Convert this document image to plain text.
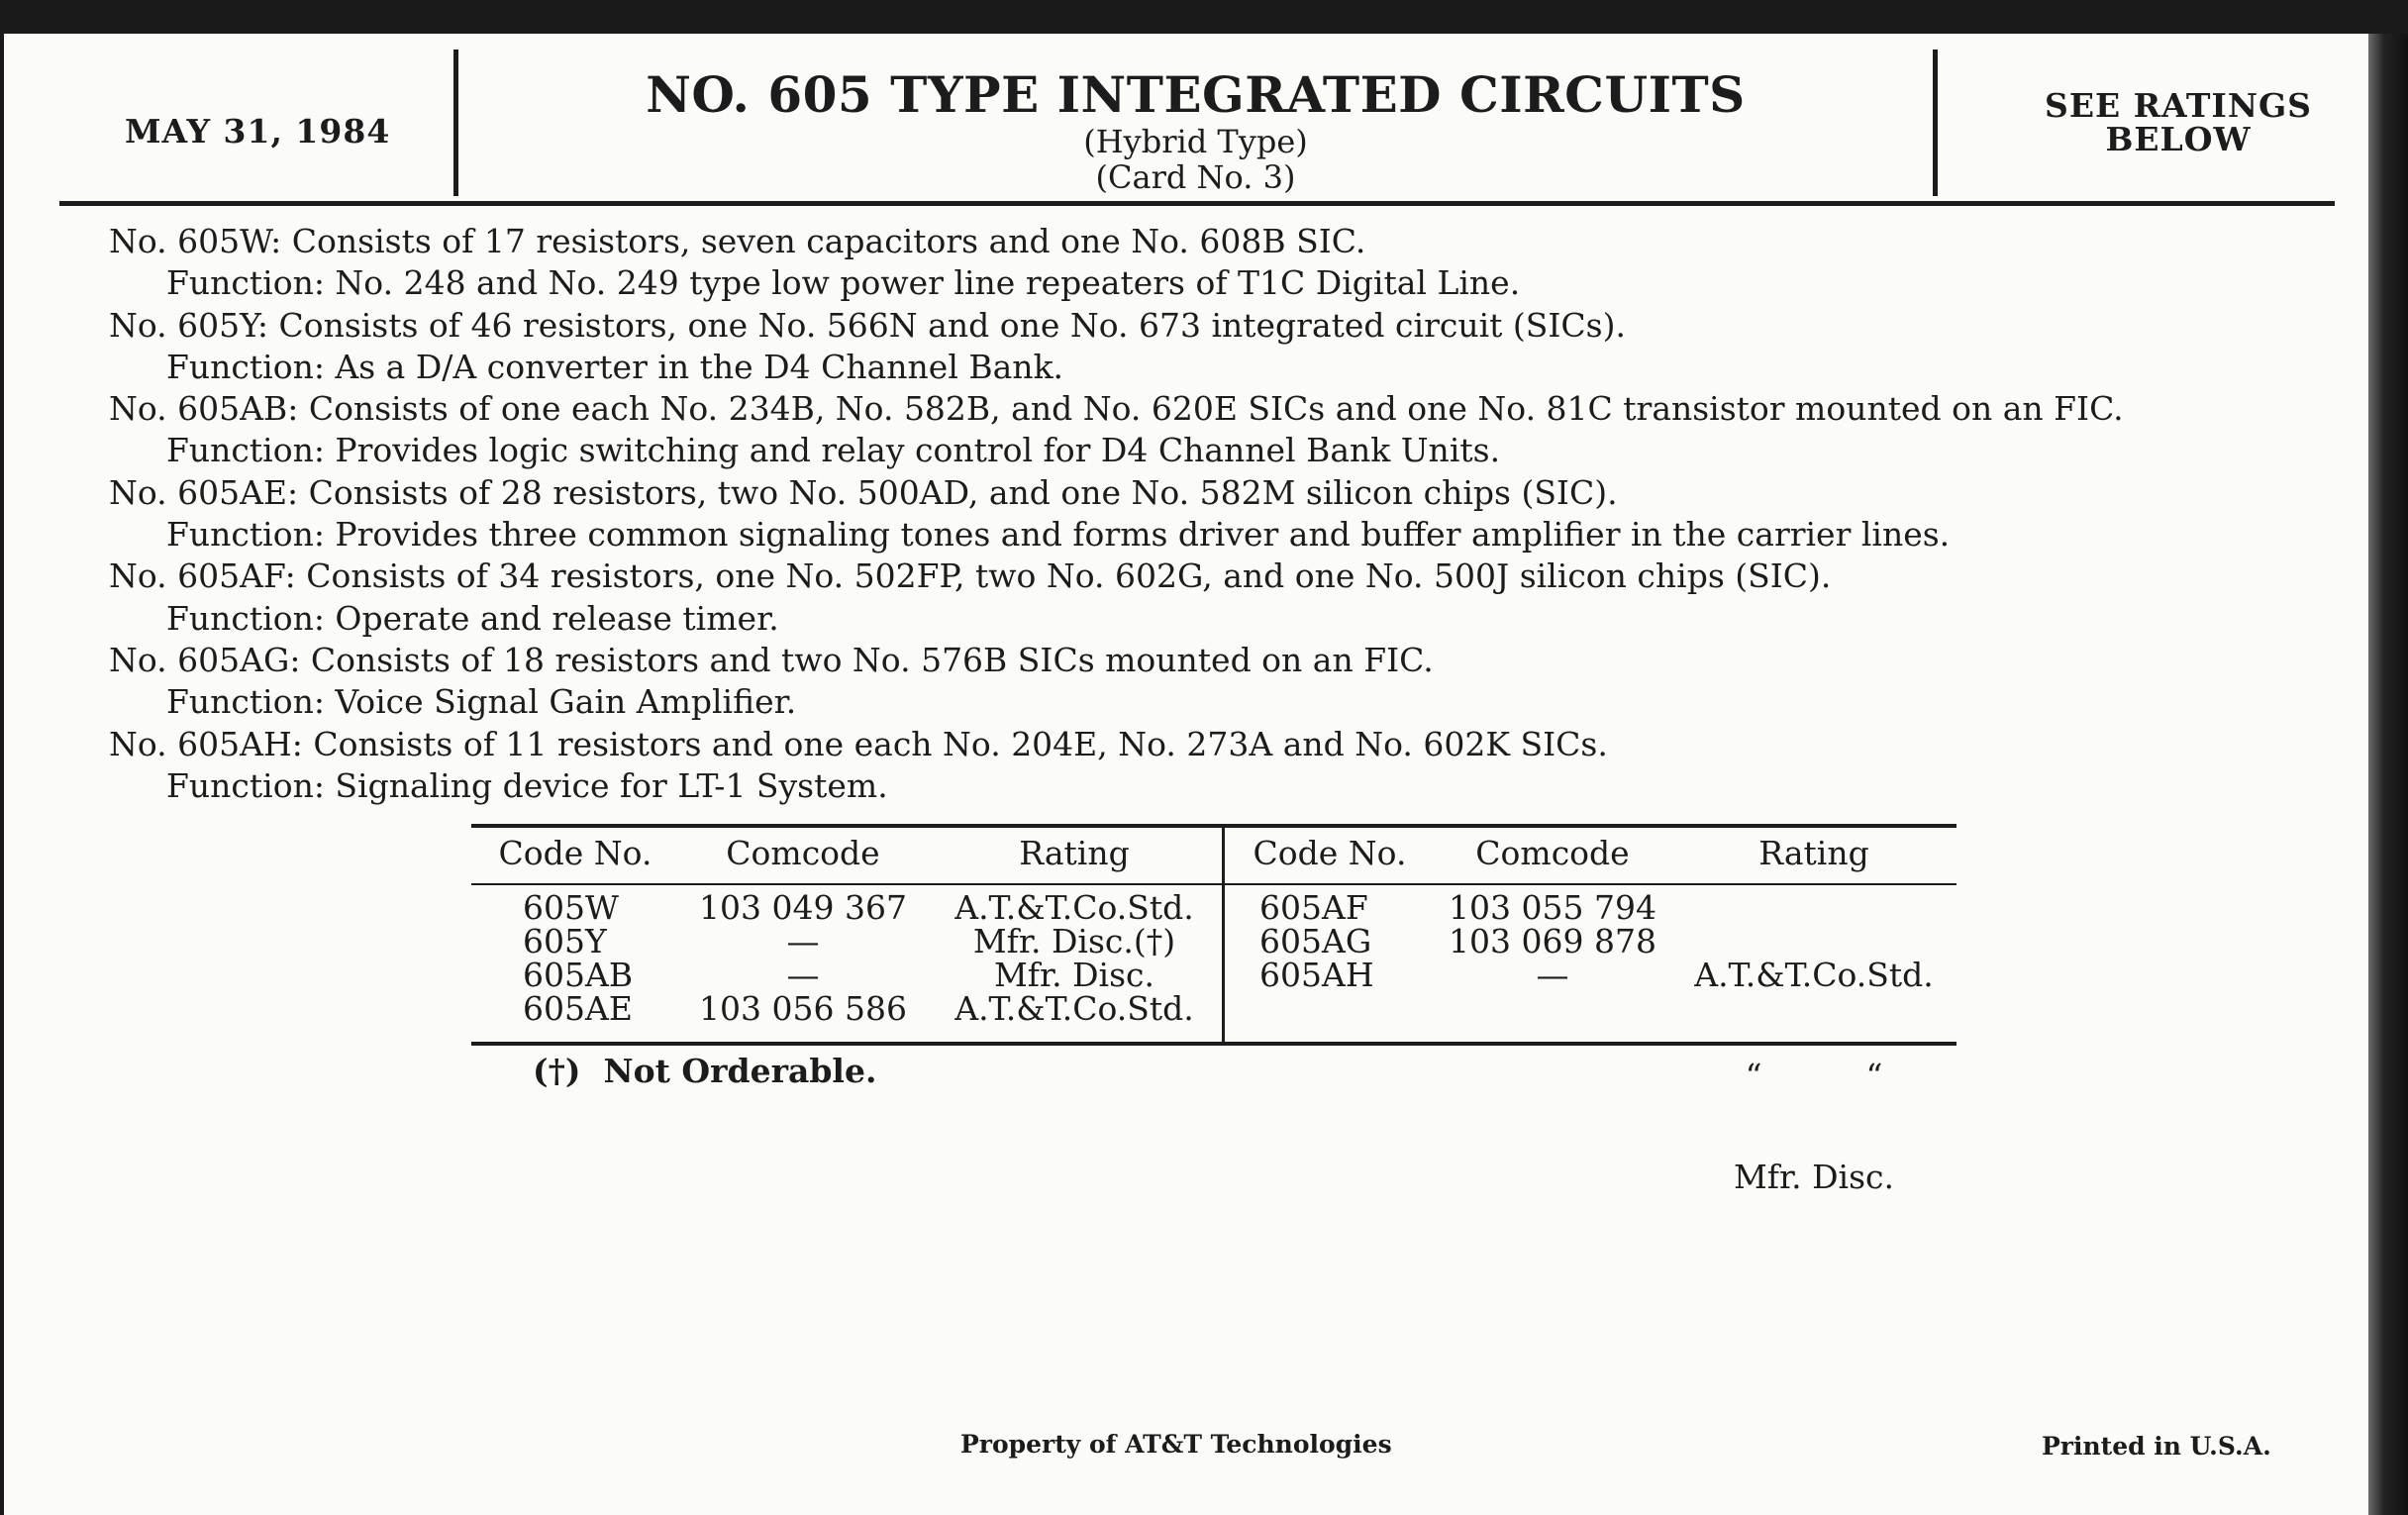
MAY 31, 1984
NO. 605 TYPE INTEGRATED CIRCUITS
(Hybrid Type)
(Card No. 3)
SEE RATINGS
BELOW
No. 605W: Consists of 17 resistors, seven capacitors and one No. 608B SIC.
Function: No. 248 and No. 249 type low power line repeaters of T1C Digital Line.
No. 605Y: Consists of 46 resistors, one No. 566N and one No. 673 integrated circuit (SICs).
Function: As a D/A converter in the D4 Channel Bank.
No. 605AB: Consists of one each No. 234B, No. 582B, and No. 620E SICs and one No. 81C transistor mounted on an FIC.
Function: Provides logic switching and relay control for D4 Channel Bank Units.
No. 605AE: Consists of 28 resistors, two No. 500AD, and one No. 582M silicon chips (SIC).
Function: Provides three common signaling tones and forms driver and buffer amplifier in the carrier lines.
No. 605AF: Consists of 34 resistors, one No. 502FP, two No. 602G, and one No. 500J silicon chips (SIC).
Function: Operate and release timer.
No. 605AG: Consists of 18 resistors and two No. 576B SICs mounted on an FIC.
Function: Voice Signal Gain Amplifier.
No. 605AH: Consists of 11 resistors and one each No. 204E, No. 273A and No. 602K SICs.
Function: Signaling device for LT-1 System.
Code No.
605W
605Y
605AB
605AE
Comcode
103 049 367
—
—
103 056 586
Rating
A.T.&T.Co.Std.
Mfr. Disc.(†)
Mfr. Disc.
A.T.&T.Co.Std.
Code No.
605AF
605AG
605AH
Comcode
103 055 794
103 069 878
—
Rating

A.T.&T.Co.Std.

“          “

Mfr. Disc.

(†)  Not Orderable.
Property of AT&T Technologies	Printed in U.S.A.
